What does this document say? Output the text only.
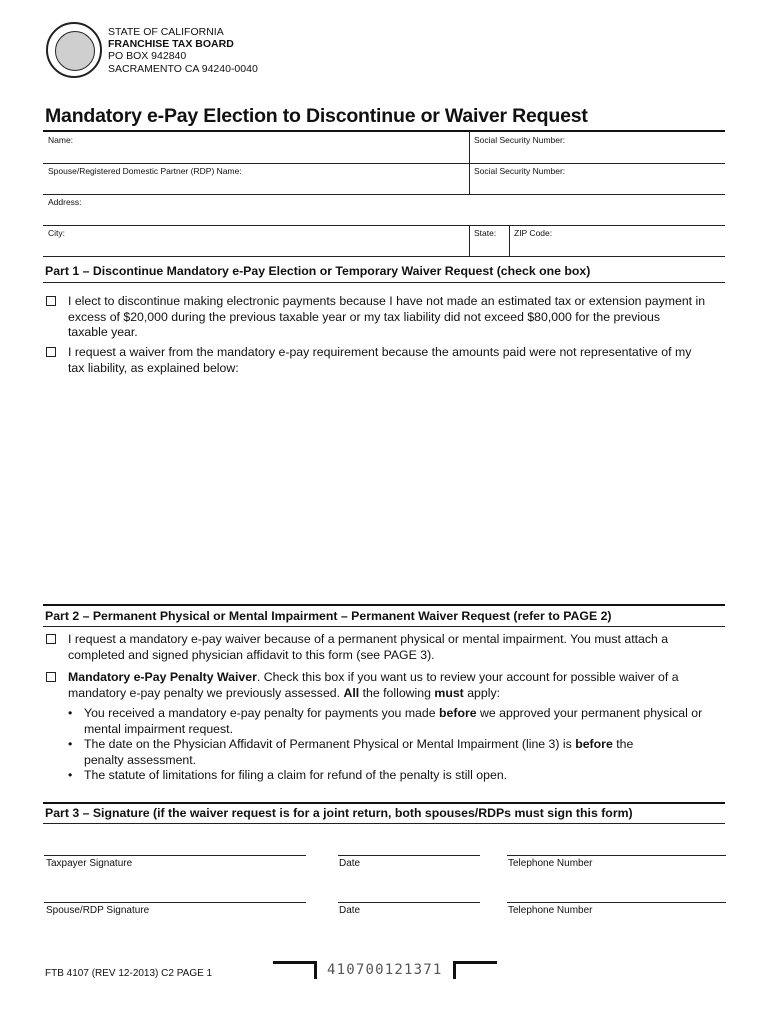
STATE OF CALIFORNIA
FRANCHISE TAX BOARD
PO BOX 942840
SACRAMENTO CA 94240-0040
Mandatory e-Pay Election to Discontinue or Waiver Request
Name:	Social Security Number:
Spouse/Registered Domestic Partner (RDP) Name:	Social Security Number:
Address:
City:	State: ZIP Code:
Part 1 – Discontinue Mandatory e-Pay Election or Temporary Waiver Request (check one box)
I elect to discontinue making electronic payments because I have not made an estimated tax or extension payment in
excess of $20,000 during the previous taxable year or my tax liability did not exceed $80,000 for the previous
taxable year.
I request a waiver from the mandatory e-pay requirement because the amounts paid were not representative of my
tax liability, as explained below:
Part 2 – Permanent Physical or Mental Impairment – Permanent Waiver Request (refer to PAGE 2)
I request a mandatory e-pay waiver because of a permanent physical or mental impairment. You must attach a
completed and signed physician affidavit to this form (see PAGE 3).
Mandatory e-Pay Penalty Waiver. Check this box if you want us to review your account for possible waiver of a
mandatory e-pay penalty we previously assessed. All the following must apply:
• You received a mandatory e-pay penalty for payments you made before we approved your permanent physical or
mental impairment request.
• The date on the Physician Affidavit of Permanent Physical or Mental Impairment (line 3) is before the
penalty assessment.
• The statute of limitations for filing a claim for refund of the penalty is still open.
Part 3 – Signature (if the waiver request is for a joint return, both spouses/RDPs must sign this form)
Taxpayer Signature	Date	Telephone Number
Spouse/RDP Signature	Date	Telephone Number
FTB 4107 (REV 12-2013) C2 PAGE 1	410700121371
